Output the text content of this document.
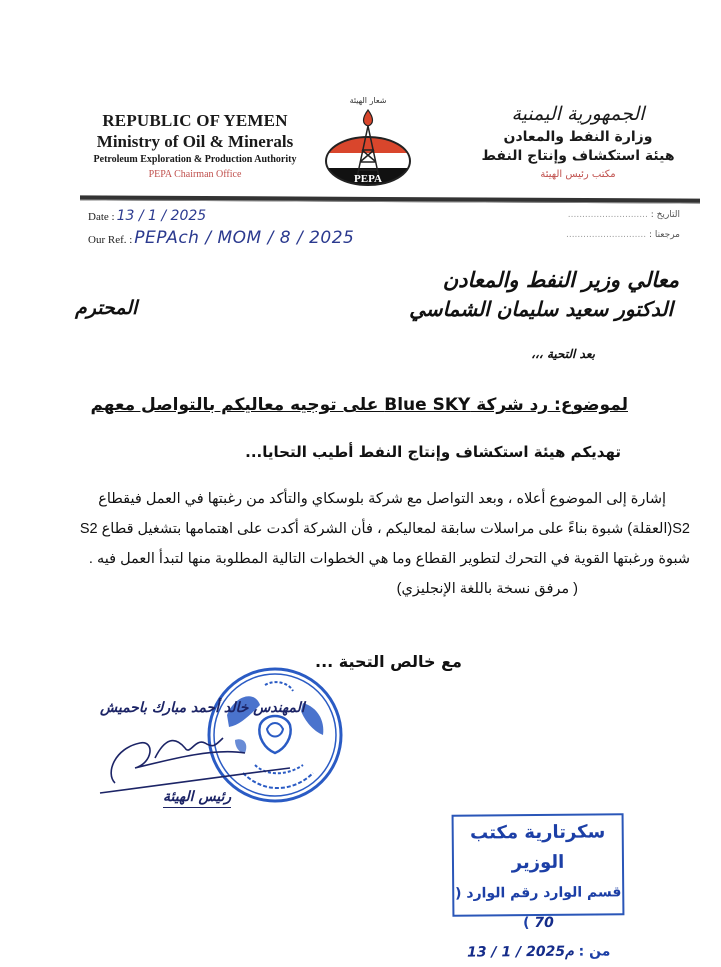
REPUBLIC OF YEMEN
Ministry of Oil & Minerals
Petroleum Exploration & Production Authority
PEPA Chairman Office
شعار الهيئة
PEPA
الجمهورية اليمنية
وزارة النفط والمعادن
هيئة استكشاف وإنتاج النفط
مكتب رئيس الهيئة
Date : 13 / 1 / 2025
Our Ref. : PEPAch / MOM / 8 / 2025
التاريخ : ............................
مرجعنا : ............................
معالي وزير النفط والمعادن
الدكتور سعيد سليمان الشماسي
المحترم
بعد التحية ،،،
لموضوع: رد شركة Blue SKY على توجيه معاليكم بالتواصل معهم
تهديكم هيئة استكشاف وإنتاج النفط أطيب التحايا...
إشارة إلى الموضوع أعلاه ، وبعد التواصل مع شركة بلوسكاي والتأكد من رغبتها في العمل فيقطاع
S2(العقلة) شبوة بناءً على مراسلات سابقة لمعاليكم ، فأن الشركة أكدت على اهتمامها بتشغيل قطاع S2
شبوة ورغبتها القوية في التحرك لتطوير القطاع وما هي الخطوات التالية المطلوبة منها لتبدأ العمل فيه .
( مرفق نسخة باللغة الإنجليزي)
مع خالص التحية ...
المهندس خالد أحمد مبارك باحميش
رئيس الهيئة
سكرتارية مكتب الوزير
قسم الوارد رقم الوارد ( 70 )
من : 13 / 1 / 2025م
